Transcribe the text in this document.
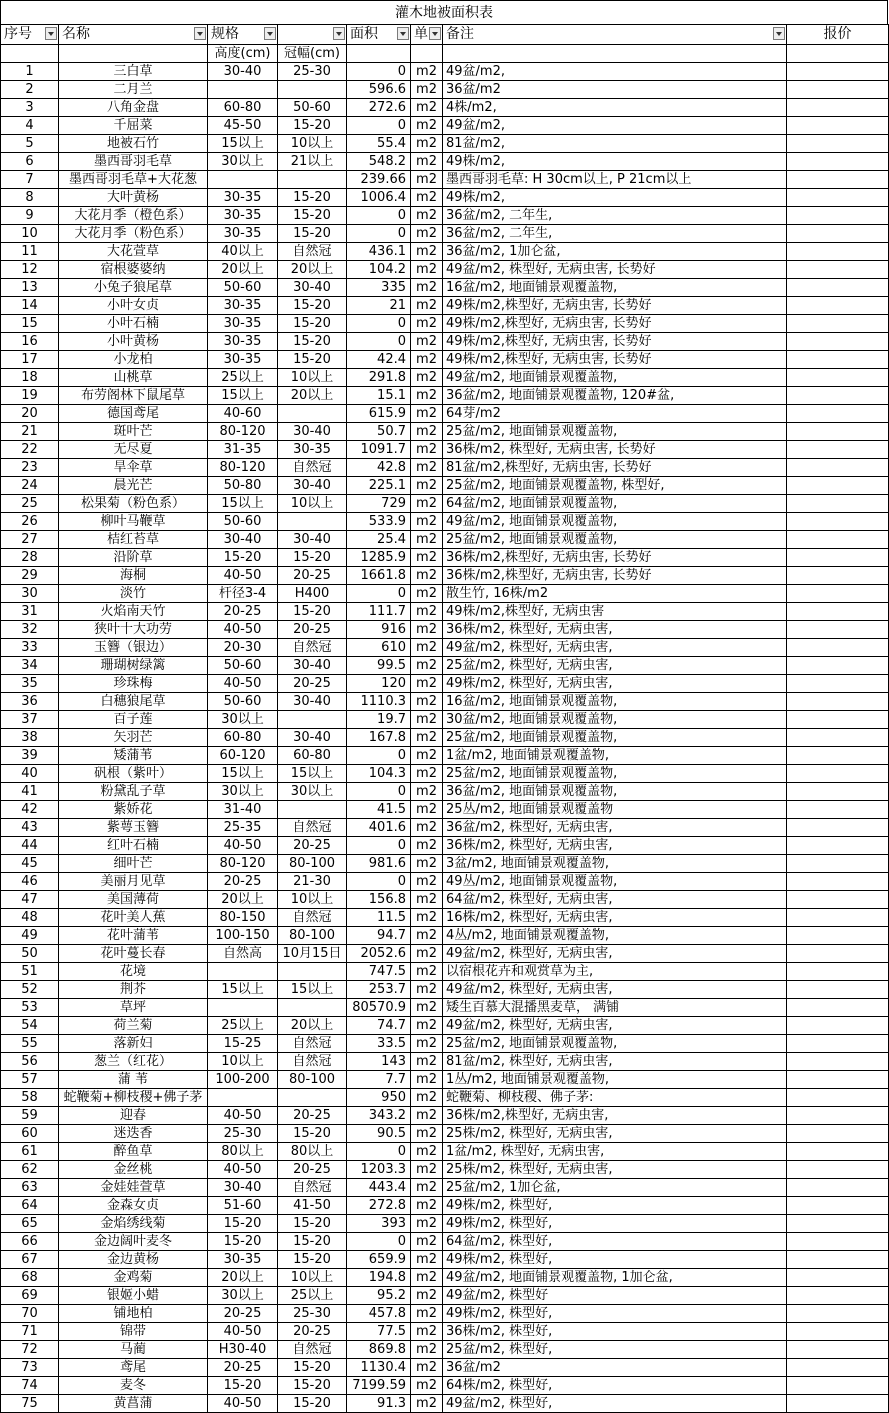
灌木地被面积表
序号	名称	规格		面积	单	备注	报价
		高度(cm)	冠幅(cm)				
1	三白草	30-40	25-30	0	m2	49盆/m2,	
2	二月兰			596.6	m2	36盆/m2	
3	八角金盘	60-80	50-60	272.6	m2	4株/m2,	
4	千屈菜	45-50	15-20	0	m2	49盆/m2,	
5	地被石竹	15以上	10以上	55.4	m2	81盆/m2,	
6	墨西哥羽毛草	30以上	21以上	548.2	m2	49株/m2,	
7	墨西哥羽毛草+大花葱			239.66	m2	墨西哥羽毛草: H 30cm以上, P 21cm以上	
8	大叶黄杨	30-35	15-20	1006.4	m2	49株/m2,	
9	大花月季（橙色系）	30-35	15-20	0	m2	36盆/m2, 二年生,	
10	大花月季（粉色系）	30-35	15-20	0	m2	36盆/m2, 二年生,	
11	大花萱草	40以上	自然冠	436.1	m2	36盆/m2, 1加仑盆,	
12	宿根婆婆纳	20以上	20以上	104.2	m2	49盆/m2, 株型好, 无病虫害, 长势好	
13	小兔子狼尾草	50-60	30-40	335	m2	16盆/m2, 地面铺景观覆盖物,	
14	小叶女贞	30-35	15-20	21	m2	49株/m2,株型好, 无病虫害, 长势好	
15	小叶石楠	30-35	15-20	0	m2	49株/m2,株型好, 无病虫害, 长势好	
16	小叶黄杨	30-35	15-20	0	m2	49株/m2,株型好, 无病虫害, 长势好	
17	小龙柏	30-35	15-20	42.4	m2	49株/m2,株型好, 无病虫害, 长势好	
18	山桃草	25以上	10以上	291.8	m2	49盆/m2, 地面铺景观覆盖物,	
19	布劳阁林下鼠尾草	15以上	20以上	15.1	m2	36盆/m2, 地面铺景观覆盖物, 120#盆,	
20	德国鸢尾	40-60		615.9	m2	64芽/m2	
21	斑叶芒	80-120	30-40	50.7	m2	25盆/m2, 地面铺景观覆盖物,	
22	无尽夏	31-35	30-35	1091.7	m2	36株/m2, 株型好, 无病虫害, 长势好	
23	旱伞草	80-120	自然冠	42.8	m2	81盆/m2,株型好, 无病虫害, 长势好	
24	晨光芒	50-80	30-40	225.1	m2	25盆/m2, 地面铺景观覆盖物, 株型好,	
25	松果菊（粉色系）	15以上	10以上	729	m2	64盆/m2, 地面铺景观覆盖物,	
26	柳叶马鞭草	50-60		533.9	m2	49盆/m2, 地面铺景观覆盖物,	
27	桔红苔草	30-40	30-40	25.4	m2	25盆/m2, 地面铺景观覆盖物,	
28	沿阶草	15-20	15-20	1285.9	m2	36株/m2,株型好, 无病虫害, 长势好	
29	海桐	40-50	20-25	1661.8	m2	36株/m2,株型好, 无病虫害, 长势好	
30	淡竹	杆径3-4	H400	0	m2	散生竹, 16株/m2	
31	火焰南天竹	20-25	15-20	111.7	m2	49株/m2,株型好, 无病虫害	
32	狭叶十大功劳	40-50	20-25	916	m2	36株/m2, 株型好, 无病虫害,	
33	玉簪（银边）	20-30	自然冠	610	m2	49盆/m2, 株型好, 无病虫害,	
34	珊瑚树绿篱	50-60	30-40	99.5	m2	25盆/m2, 株型好, 无病虫害,	
35	珍珠梅	40-50	20-25	120	m2	49株/m2, 株型好, 无病虫害,	
36	白穗狼尾草	50-60	30-40	1110.3	m2	16盆/m2, 地面铺景观覆盖物,	
37	百子莲	30以上		19.7	m2	30盆/m2, 地面铺景观覆盖物,	
38	矢羽芒	60-80	30-40	167.8	m2	25盆/m2, 地面铺景观覆盖物,	
39	矮蒲苇	60-120	60-80	0	m2	1盆/m2, 地面铺景观覆盖物,	
40	矾根（紫叶）	15以上	15以上	104.3	m2	25盆/m2, 地面铺景观覆盖物,	
41	粉黛乱子草	30以上	30以上	0	m2	36盆/m2, 地面铺景观覆盖物,	
42	紫娇花	31-40		41.5	m2	25丛/m2, 地面铺景观覆盖物	
43	紫萼玉簪	25-35	自然冠	401.6	m2	36盆/m2, 株型好, 无病虫害,	
44	红叶石楠	40-50	20-25	0	m2	36株/m2, 株型好, 无病虫害,	
45	细叶芒	80-120	80-100	981.6	m2	3盆/m2, 地面铺景观覆盖物,	
46	美丽月见草	20-25	21-30	0	m2	49丛/m2, 地面铺景观覆盖物,	
47	美国薄荷	20以上	10以上	156.8	m2	64盆/m2, 株型好, 无病虫害,	
48	花叶美人蕉	80-150	自然冠	11.5	m2	16株/m2, 株型好, 无病虫害,	
49	花叶蒲苇	100-150	80-100	94.7	m2	4丛/m2, 地面铺景观覆盖物,	
50	花叶蔓长春	自然高	10月15日	2052.6	m2	49盆/m2, 株型好, 无病虫害,	
51	花境			747.5	m2	以宿根花卉和观赏草为主,	
52	荆芥	15以上	15以上	253.7	m2	49盆/m2, 株型好, 无病虫害,	
53	草坪			80570.9	m2	矮生百慕大混播黑麦草， 满铺	
54	荷兰菊	25以上	20以上	74.7	m2	49盆/m2, 株型好, 无病虫害,	
55	落新妇	15-25	自然冠	33.5	m2	25盆/m2, 地面铺景观覆盖物,	
56	葱兰（红花）	10以上	自然冠	143	m2	81盆/m2, 株型好, 无病虫害,	
57	蒲 苇	100-200	80-100	7.7	m2	1丛/m2, 地面铺景观覆盖物,	
58	蛇鞭菊+柳枝稷+佛子茅			950	m2	蛇鞭菊、柳枝稷、佛子茅:	
59	迎春	40-50	20-25	343.2	m2	36株/m2,株型好, 无病虫害,	
60	迷迭香	25-30	15-20	90.5	m2	25株/m2, 株型好, 无病虫害,	
61	醉鱼草	80以上	80以上	0	m2	1盆/m2, 株型好, 无病虫害,	
62	金丝桃	40-50	20-25	1203.3	m2	25株/m2, 株型好, 无病虫害,	
63	金娃娃萱草	30-40	自然冠	443.4	m2	25盆/m2, 1加仑盆,	
64	金森女贞	51-60	41-50	272.8	m2	49株/m2, 株型好,	
65	金焰绣线菊	15-20	15-20	393	m2	49株/m2, 株型好,	
66	金边阔叶麦冬	15-20	15-20	0	m2	64盆/m2, 株型好,	
67	金边黄杨	30-35	15-20	659.9	m2	49株/m2, 株型好,	
68	金鸡菊	20以上	10以上	194.8	m2	49盆/m2, 地面铺景观覆盖物, 1加仑盆,	
69	银姬小蜡	30以上	25以上	95.2	m2	49盆/m2, 株型好	
70	铺地柏	20-25	25-30	457.8	m2	49株/m2, 株型好,	
71	锦带	40-50	20-25	77.5	m2	36株/m2, 株型好,	
72	马蔺	H30-40	自然冠	869.8	m2	25盆/m2, 株型好,	
73	鸢尾	20-25	15-20	1130.4	m2	36盆/m2	
74	麦冬	15-20	15-20	7199.59	m2	64株/m2, 株型好,	
75	黄菖蒲	40-50	15-20	91.3	m2	49盆/m2, 株型好,	
